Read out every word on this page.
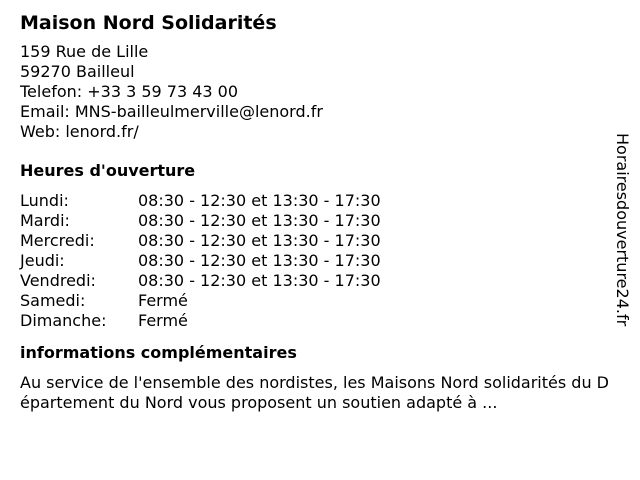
Maison Nord Solidarités
159 Rue de Lille
59270 Bailleul
Telefon: +33 3 59 73 43 00
Email: MNS-bailleulmerville@lenord.fr
Web: lenord.fr/
Heures d'ouverture
Lundi:	08:30 - 12:30 et 13:30 - 17:30
Mardi:	08:30 - 12:30 et 13:30 - 17:30
Mercredi:	08:30 - 12:30 et 13:30 - 17:30
Jeudi:	08:30 - 12:30 et 13:30 - 17:30
Vendredi:	08:30 - 12:30 et 13:30 - 17:30
Samedi:	Fermé
Dimanche:	Fermé
informations complémentaires
Au service de l'ensemble des nordistes, les Maisons Nord solidarités du Département du Nord vous proposent un soutien adapté à ...
Horairesdouverture24.fr
